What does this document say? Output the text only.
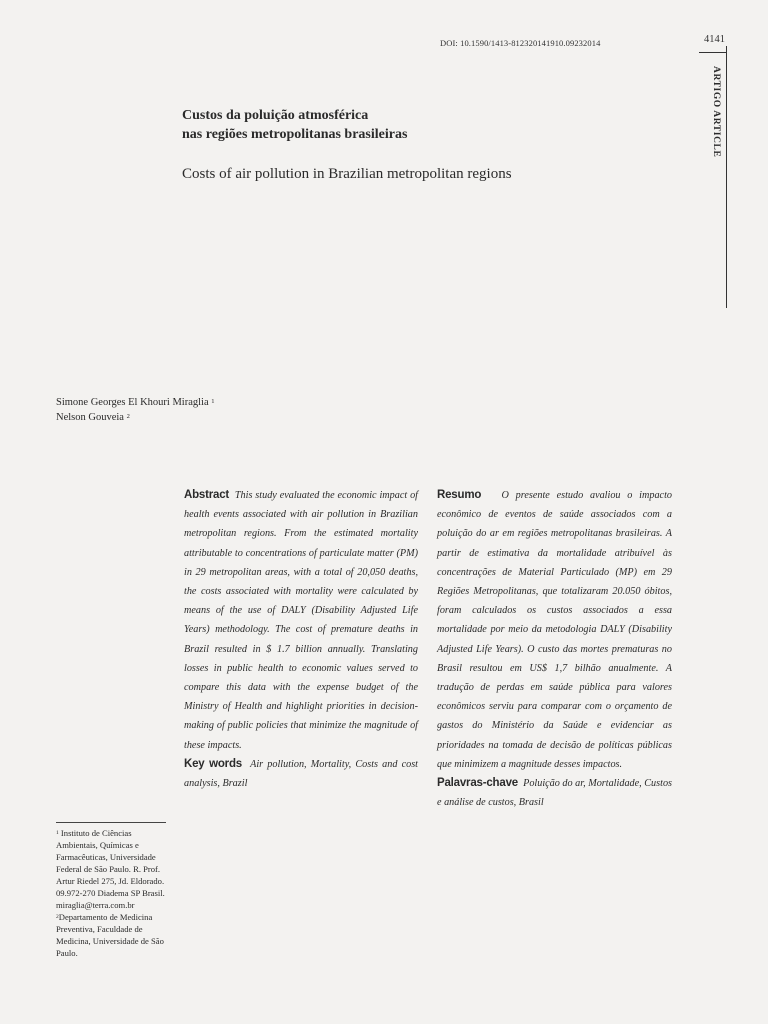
DOI: 10.1590/1413-812320141910.09232014	4141
ARTIGO ARTICLE
Custos da poluição atmosférica
nas regiões metropolitanas brasileiras
Costs of air pollution in Brazilian metropolitan regions
Simone Georges El Khouri Miraglia $^1$
Nelson Gouveia $^2$

Abstract This study evaluated the economic impact of health events associated with air pollution in Brazilian metropolitan regions. From the estimated mortality attributable to concentrations of particulate matter (PM) in 29 metropolitan areas, with a total of 20,050 deaths, the costs associated with mortality were calculated by means of the use of DALY (Disability Adjusted Life Years) methodology. The cost of premature deaths in Brazil resulted in $ 1.7 billion annually. Translating losses in public health to economic values served to compare this data with the expense budget of the Ministry of Health and highlight priorities in decision-making of public policies that minimize the magnitude of these impacts.

Key words Air pollution, Mortality, Costs and cost analysis, Brazil

Resumo O presente estudo avaliou o impacto econômico de eventos de saúde associados com a poluição do ar em regiões metropolitanas brasileiras. A partir de estimativa da mortalidade atribuível às concentrações de Material Particulado (MP) em 29 Regiões Metropolitanas, que totalizaram 20.050 óbitos, foram calculados os custos associados a essa mortalidade por meio da metodologia DALY (Disability Adjusted Life Years). O custo das mortes prematuras no Brasil resultou em US$ 1,7 bilhão anualmente. A tradução de perdas em saúde pública para valores econômicos serviu para comparar com o orçamento de gastos do Ministério da Saúde e evidenciar as prioridades na tomada de decisão de políticas públicas que minimizem a magnitude desses impactos.

Palavras-chave Poluição do ar, Mortalidade, Custos e análise de custos, Brasil

$^1$ Instituto de Ciências Ambientais, Químicas e Farmacêuticas, Universidade Federal de São Paulo. R. Prof. Artur Riedel 275, Jd. Eldorado. 09.972-270 Diadema SP Brasil. miraglia@terra.com.br

$^2$Departamento de Medicina Preventiva, Faculdade de Medicina, Universidade de São Paulo.
